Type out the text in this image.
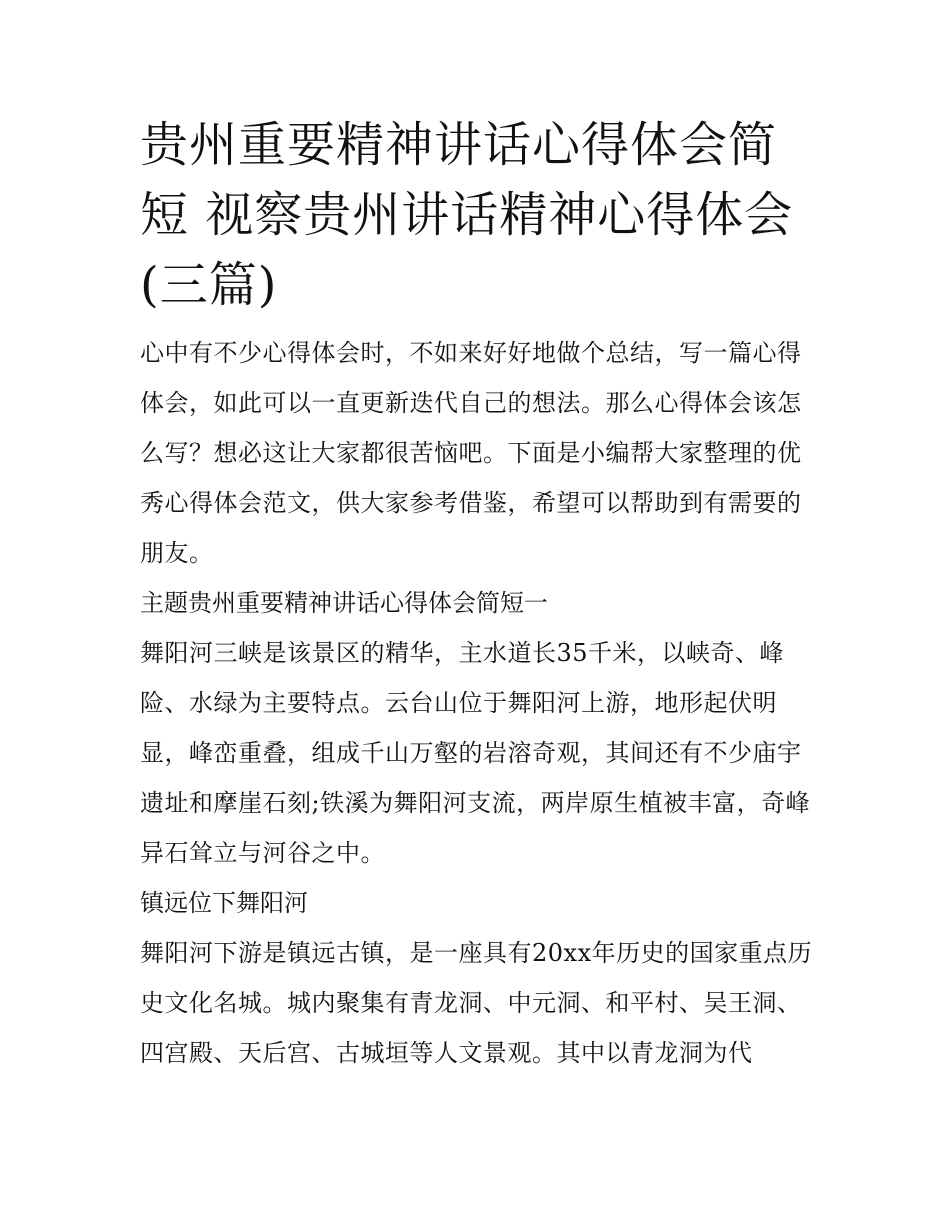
贵州重要精神讲话心得体会简短 视察贵州讲话精神心得体会(三篇)

心中有不少心得体会时，不如来好好地做个总结，写一篇心得体会，如此可以一直更新迭代自己的想法。那么心得体会该怎么写？想必这让大家都很苦恼吧。下面是小编帮大家整理的优秀心得体会范文，供大家参考借鉴，希望可以帮助到有需要的朋友。

主题贵州重要精神讲话心得体会简短一

舞阳河三峡是该景区的精华，主水道长35千米，以峡奇、峰险、水绿为主要特点。云台山位于舞阳河上游，地形起伏明显，峰峦重叠，组成千山万壑的岩溶奇观，其间还有不少庙宇遗址和摩崖石刻;铁溪为舞阳河支流，两岸原生植被丰富，奇峰异石耸立与河谷之中。

镇远位下舞阳河

舞阳河下游是镇远古镇，是一座具有20xx年历史的国家重点历史文化名城。城内聚集有青龙洞、中元洞、和平村、吴王洞、四宫殿、天后宫、古城垣等人文景观。其中以青龙洞为代
